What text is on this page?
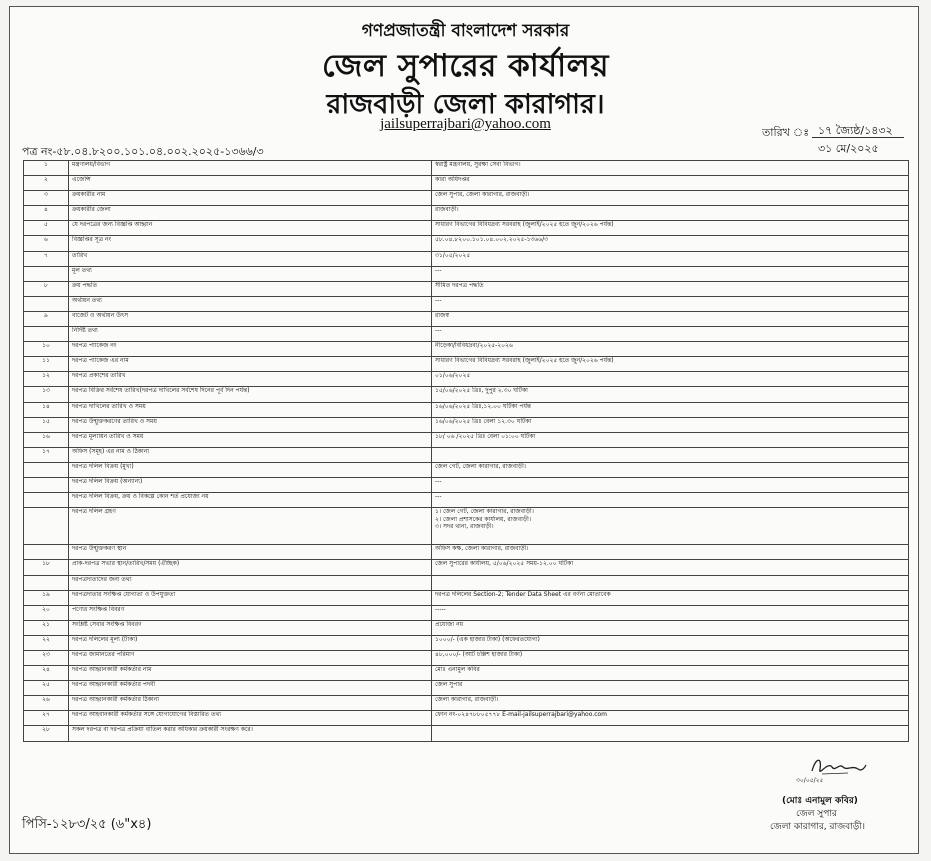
গণপ্রজাতন্ত্রী বাংলাদেশ সরকার
জেল সুপারের কার্যালয়
রাজবাড়ী জেলা কারাগার।
jailsuperrajbari@yahoo.com
পত্র নং-৫৮.০৪.৮২০০.১০১.০৪.০০২.২০২৫-১৩৬৬/৩
তারিখ ঃ ১৭ জ্যৈষ্ঠ/১৪৩২
৩১ মে/২০২৫
১	মন্ত্রণালয়/বিভাগ	স্বরাষ্ট্র মন্ত্রণালয়, সুরক্ষা সেবা বিভাগ।
২	এজেন্সি	কারা অধিদপ্তর
৩	ক্রয়কারীর নাম	জেল সুপার, জেলা কারাগার, রাজবাড়ী।
৪	ক্রয়কারীর জেলা	রাজবাড়ী।
৫	যে দরপত্রের জন্য বিজ্ঞপ্তি আহ্বান	সাধারণ বিভাগের বিবিধদ্রব্য সরবরাহ (জুলাই/২০২৫ হতে জুন/২০২৬ পর্যন্ত)
৬	বিজ্ঞপ্তির সূত্র নং	৫৮.০৪.৮২০০.১০১.০৪.০০২.২০২৫-১৩৬৬/৩
৭	তারিখ	৩১/০৫/২০২৫
	মূল তথ্য	---
৮	ক্রয় পদ্ধতি	সীমিত দরপত্র পদ্ধতি
	অর্থায়ন তথ্য	---
৯	বাজেট ও অর্থায়ন উৎস	রাজস্ব
	নির্দিষ্ট তথ্য	---
১০	দরপত্র প্যাকেজ নং	নীড়েকা/বিবিধদ্রব্য/২০২৫-২০২৬
১১	দরপত্র প্যাকেজ এর নাম	সাধারণ বিভাগের বিবিধদ্রব্য সরবরাহ (জুলাই/২০২৫ হতে জুন/২০২৬ পর্যন্ত)
১২	দরপত্র প্রকাশের তারিখ	০১/০৬/২০২৫
১৩	দরপত্র বিক্রির সর্বশেষ তারিখ(দরপত্র দাখিলের সর্বশেষ দিনের পূর্ব দিন পর্যন্ত)	১৫/০৬/২০২৫ খ্রিঃ, দুপুর ২.৩০ ঘটিকা
১৪	দরপত্র দাখিলের তারিখ ও সময়	১৬/০৬/২০২৫ খ্রিঃ,১২.০০ ঘটিকা পর্যন্ত
১৫	দরপত্র উন্মুক্তকরণের তারিখ ও সময়	১৬/০৬/২০২৫ খ্রিঃ বেলা ১২.৩০ ঘটিকা
১৬	দরপত্র মূল্যায়ন তারিখ ও সময়	১৮/ ০৬ /২০২৫ খ্রিঃ বেলা ০১:০০ ঘটিকা
১৭	অফিস (সমূহ) এর নাম ও ঠিকানা	
	দরপত্র দলিল বিক্রয় (মুখ্য)	জেল গেট, জেলা কারাগার, রাজবাড়ী।
	দরপত্র দলিল বিক্রয় (অন্যান্য)	---
	দরপত্র দলিল বিক্রয়, ক্রয় ও বিকল্পে কোন শর্ত প্রযোজ্য নয়	---
	দরপত্র দলিল গ্রহণ	১। জেল গেট, জেলা কারাগার, রাজবাড়ী।
২। জেলা প্রশাসকের কার্যালয়, রাজবাড়ী।
৩। সদর থানা, রাজবাড়ী।
	দরপত্র উন্মুক্তকরণ স্থান	অফিস কক্ষ, জেলা কারাগার, রাজবাড়ী।
১৮	প্রাক-দরপত্র সভার স্থান/তারিখ/সময় (ঐচ্ছিক)	জেল সুপারের কার্যালয়, ৫/০৬/২০২৫ সময়-১২.০০ ঘটিকা
	দরপত্রদাতাদের জন্য তথ্য	
১৯	দরপত্রদাতার সংক্ষিপ্ত যোগ্যতা ও উপযুক্ততা	দরপত্র দলিলের Section-2; Tender Data Sheet এর বর্ণনা মোতাবেক
২০	পণ্যের সংক্ষিপ্ত বিবরণ	-----
২১	সংশ্লিষ্ট সেবার সংক্ষিপ্ত বিবরণ	প্রযোজ্য নয়
২২	দরপত্র দলিলের মূল্য (টাকা)	১০০০/- (এক হাজার টাকা) (অফেরতযোগ্য)
২৩	দরপত্র জামানতের পরিমাণ	৪৮,০০০/- (আট চল্লিশ হাজার টাকা)
২৪	দরপত্র আহ্বানকারী কর্মকর্তার নাম	মোঃ এনামুল কবির
২৫	দরপত্র আহ্বানকারী কর্মকর্তার পদবী	জেল সুপার
২৬	দরপত্র আহ্বানকারী কর্মকর্তার ঠিকানা	জেলা কারাগার, রাজবাড়ী।
২৭	দরপত্র আহবানকারী কর্মকর্তার সঙ্গে যোগাযোগের বিস্তারিত তথ্য	ফোন নং-০২৪৭৮৮০৫৭৭৮ E-mail-jailsuperrajbari@yahoo.com
২৮	সকল দরপত্র বা দরপত্র প্রক্রিয়া বাতিল করার অধিকার ক্রয়কারী সংরক্ষণ করে।	
৩০/০৫/২৫
(মোঃ এনামুল কবির)
জেল সুপার
জেলা কারাগার, রাজবাড়ী।
পিসি-১২৮৩/২৫ (৬"x৪)
